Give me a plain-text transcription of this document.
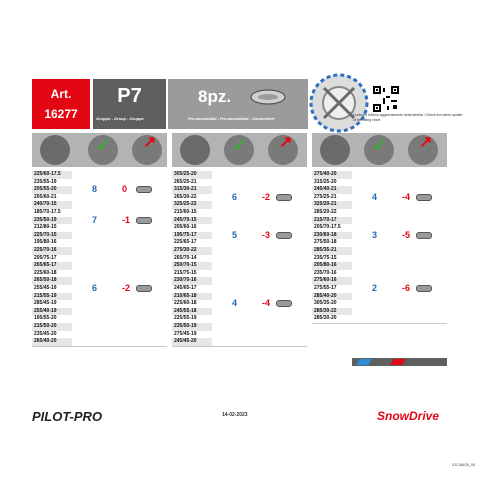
Art.
16277
P7
Gruppo - Group - Gruppe
8pz.
Pre-assemblati - Pre-assembled - Vormontiert
Controlla l'ultimo aggiornamento della tabella / Check the latest update of the fitting chart
✓ ↗	✓ ↗	✓ ↗
225/60-17.5
235/55-19
205/55-20
205/60-21
240/70-15
185/70-17.5
235/50-19
212/80-15
225/70-15
195/80-16
225/70-16
205/75-17
265/65-17
225/60-18
265/50-18
255/45-19
215/55-19
285/45-19
255/40-19
195/55-20
215/50-20
235/45-20
265/40-20
8	0
7	-1
6	-2
305/25-20
265/25-21
315/30-21
265/30-22
325/25-22
215/60-15
245/70-15
205/60-16
195/75-17
225/65-17
275/30-22
265/70-14
250/70-15
215/75-15
230/70-16
245/65-17
210/65-18
225/60-18
245/55-18
225/55-19
235/50-19
275/45-19
245/45-20
6	-2
5	-3
4	-4
275/40-20
315/25-20
245/40-21
275/25-21
325/20-21
285/20-22
215/70-17
205/70-17.5
230/60-18
275/50-18
285/35-21
235/75-15
205/80-16
235/70-16
275/60-16
275/55-17
285/40-20
305/35-20
285/30-22
285/30-20
4	-4
3	-5
2	-6
PILOT-PRO	14-02-2023	SnowDrive
S1C/A8/25_08
